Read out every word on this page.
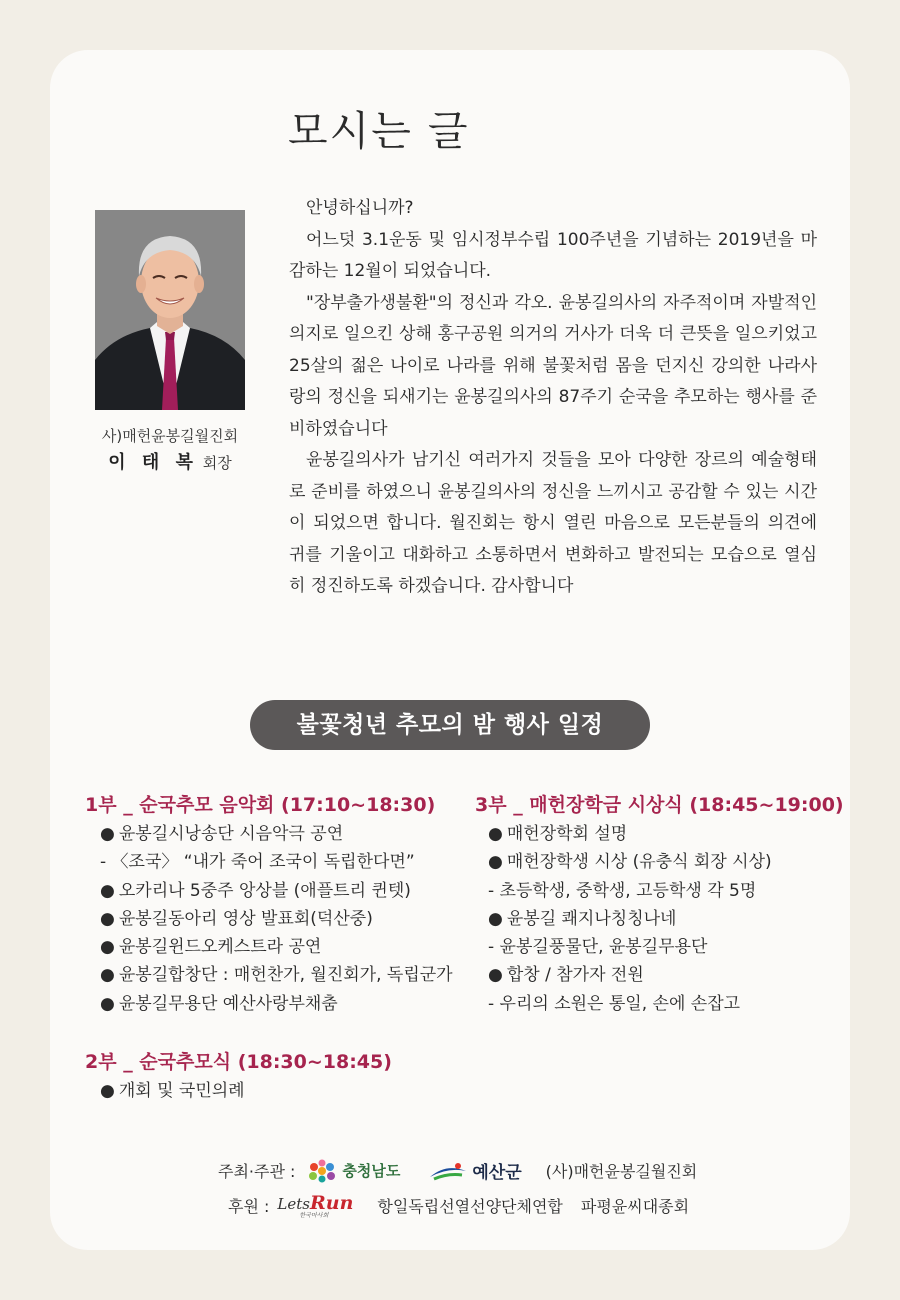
모시는 글
사)매헌윤봉길월진회
이 태 복 회장

안녕하십니까?

어느덧 3.1운동 및 임시정부수립 100주년을 기념하는 2019년을 마감하는 12월이 되었습니다.

"장부출가생불환"의 정신과 각오. 윤봉길의사의 자주적이며 자발적인 의지로 일으킨 상해 홍구공원 의거의 거사가 더욱 더 큰뜻을 일으키었고 25살의 젊은 나이로 나라를 위해 불꽃처럼 몸을 던지신 강의한 나라사랑의 정신을 되새기는 윤봉길의사의 87주기 순국을 추모하는 행사를 준비하였습니다

윤봉길의사가 남기신 여러가지 것들을 모아 다양한 장르의 예술형태로 준비를 하였으니 윤봉길의사의 정신을 느끼시고 공감할 수 있는 시간이 되었으면 합니다. 월진회는 항시 열린 마음으로 모든분들의 의견에 귀를 기울이고 대화하고 소통하면서 변화하고 발전되는 모습으로 열심히 정진하도록 하겠습니다. 감사합니다

불꽃청년 추모의 밤 행사 일정
1부 _ 순국추모 음악회 (17:10~18:30)
● 윤봉길시낭송단 시음악극 공연
- 〈조국〉 “내가 죽어 조국이 독립한다면”
● 오카리나 5중주 앙상블 (애플트리 퀸텟)
● 윤봉길동아리 영상 발표회(덕산중)
● 윤봉길윈드오케스트라 공연
● 윤봉길합창단 : 매헌찬가, 월진회가, 독립군가
● 윤봉길무용단 예산사랑부채춤
2부 _ 순국추모식 (18:30~18:45)
● 개회 및 국민의례
3부 _ 매헌장학금 시상식 (18:45~19:00)
● 매헌장학회 설명
● 매헌장학생 시상 (유충식 회장 시상)
- 초등학생, 중학생, 고등학생 각 5명
● 윤봉길 쾌지나칭칭나네
- 윤봉길풍물단, 윤봉길무용단
● 합창 / 참가자 전원
- 우리의 소원은 통일, 손에 손잡고
주최·주관 :	충청남도	예산군 (사)매헌윤봉길월진회
후원 : LetsRun
한국마사회	항일독립선열선양단체연합 파평윤씨대종회
